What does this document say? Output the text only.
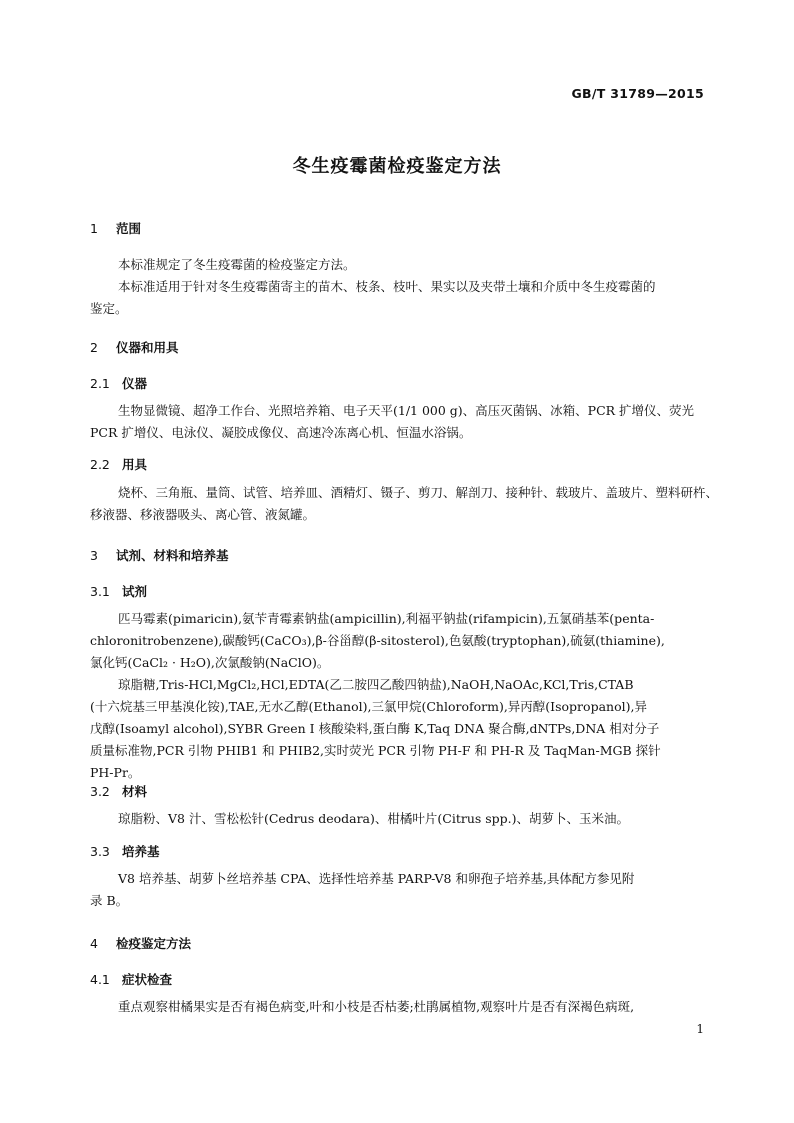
GB/T 31789—2015
冬生疫霉菌检疫鉴定方法
1 范围
本标准规定了冬生疫霉菌的检疫鉴定方法。
本标准适用于针对冬生疫霉菌寄主的苗木、枝条、枝叶、果实以及夹带土壤和介质中冬生疫霉菌的
鉴定。
2 仪器和用具
2.1 仪器
生物显微镜、超净工作台、光照培养箱、电子天平(1/1 000 g)、高压灭菌锅、冰箱、PCR 扩增仪、荧光
PCR 扩增仪、电泳仪、凝胶成像仪、高速冷冻离心机、恒温水浴锅。
2.2 用具
烧杯、三角瓶、量筒、试管、培养皿、酒精灯、镊子、剪刀、解剖刀、接种针、载玻片、盖玻片、塑料研杵、
移液器、移液器吸头、离心管、液氮罐。
3 试剂、材料和培养基
3.1 试剂
匹马霉素(pimaricin),氨苄青霉素钠盐(ampicillin),利福平钠盐(rifampicin),五氯硝基苯(penta-
chloronitrobenzene),碳酸钙(CaCO₃),β-谷甾醇(β-sitosterol),色氨酸(tryptophan),硫氨(thiamine),
氯化钙(CaCl₂ · H₂O),次氯酸钠(NaClO)。
琼脂糖,Tris-HCl,MgCl₂,HCl,EDTA(乙二胺四乙酸四钠盐),NaOH,NaOAc,KCl,Tris,CTAB
(十六烷基三甲基溴化铵),TAE,无水乙醇(Ethanol),三氯甲烷(Chloroform),异丙醇(Isopropanol),异
戊醇(Isoamyl alcohol),SYBR Green I 核酸染料,蛋白酶 K,Taq DNA 聚合酶,dNTPs,DNA 相对分子
质量标准物,PCR 引物 PHIB1 和 PHIB2,实时荧光 PCR 引物 PH-F 和 PH-R 及 TaqMan-MGB 探针
PH-Pr。
3.2 材料
琼脂粉、V8 汁、雪松松针(Cedrus deodara)、柑橘叶片(Citrus spp.)、胡萝卜、玉米油。
3.3 培养基
V8 培养基、胡萝卜丝培养基 CPA、选择性培养基 PARP-V8 和卵孢子培养基,具体配方参见附
录 B。
4 检疫鉴定方法
4.1 症状检查
重点观察柑橘果实是否有褐色病变,叶和小枝是否枯萎;杜鹃属植物,观察叶片是否有深褐色病斑,
1
